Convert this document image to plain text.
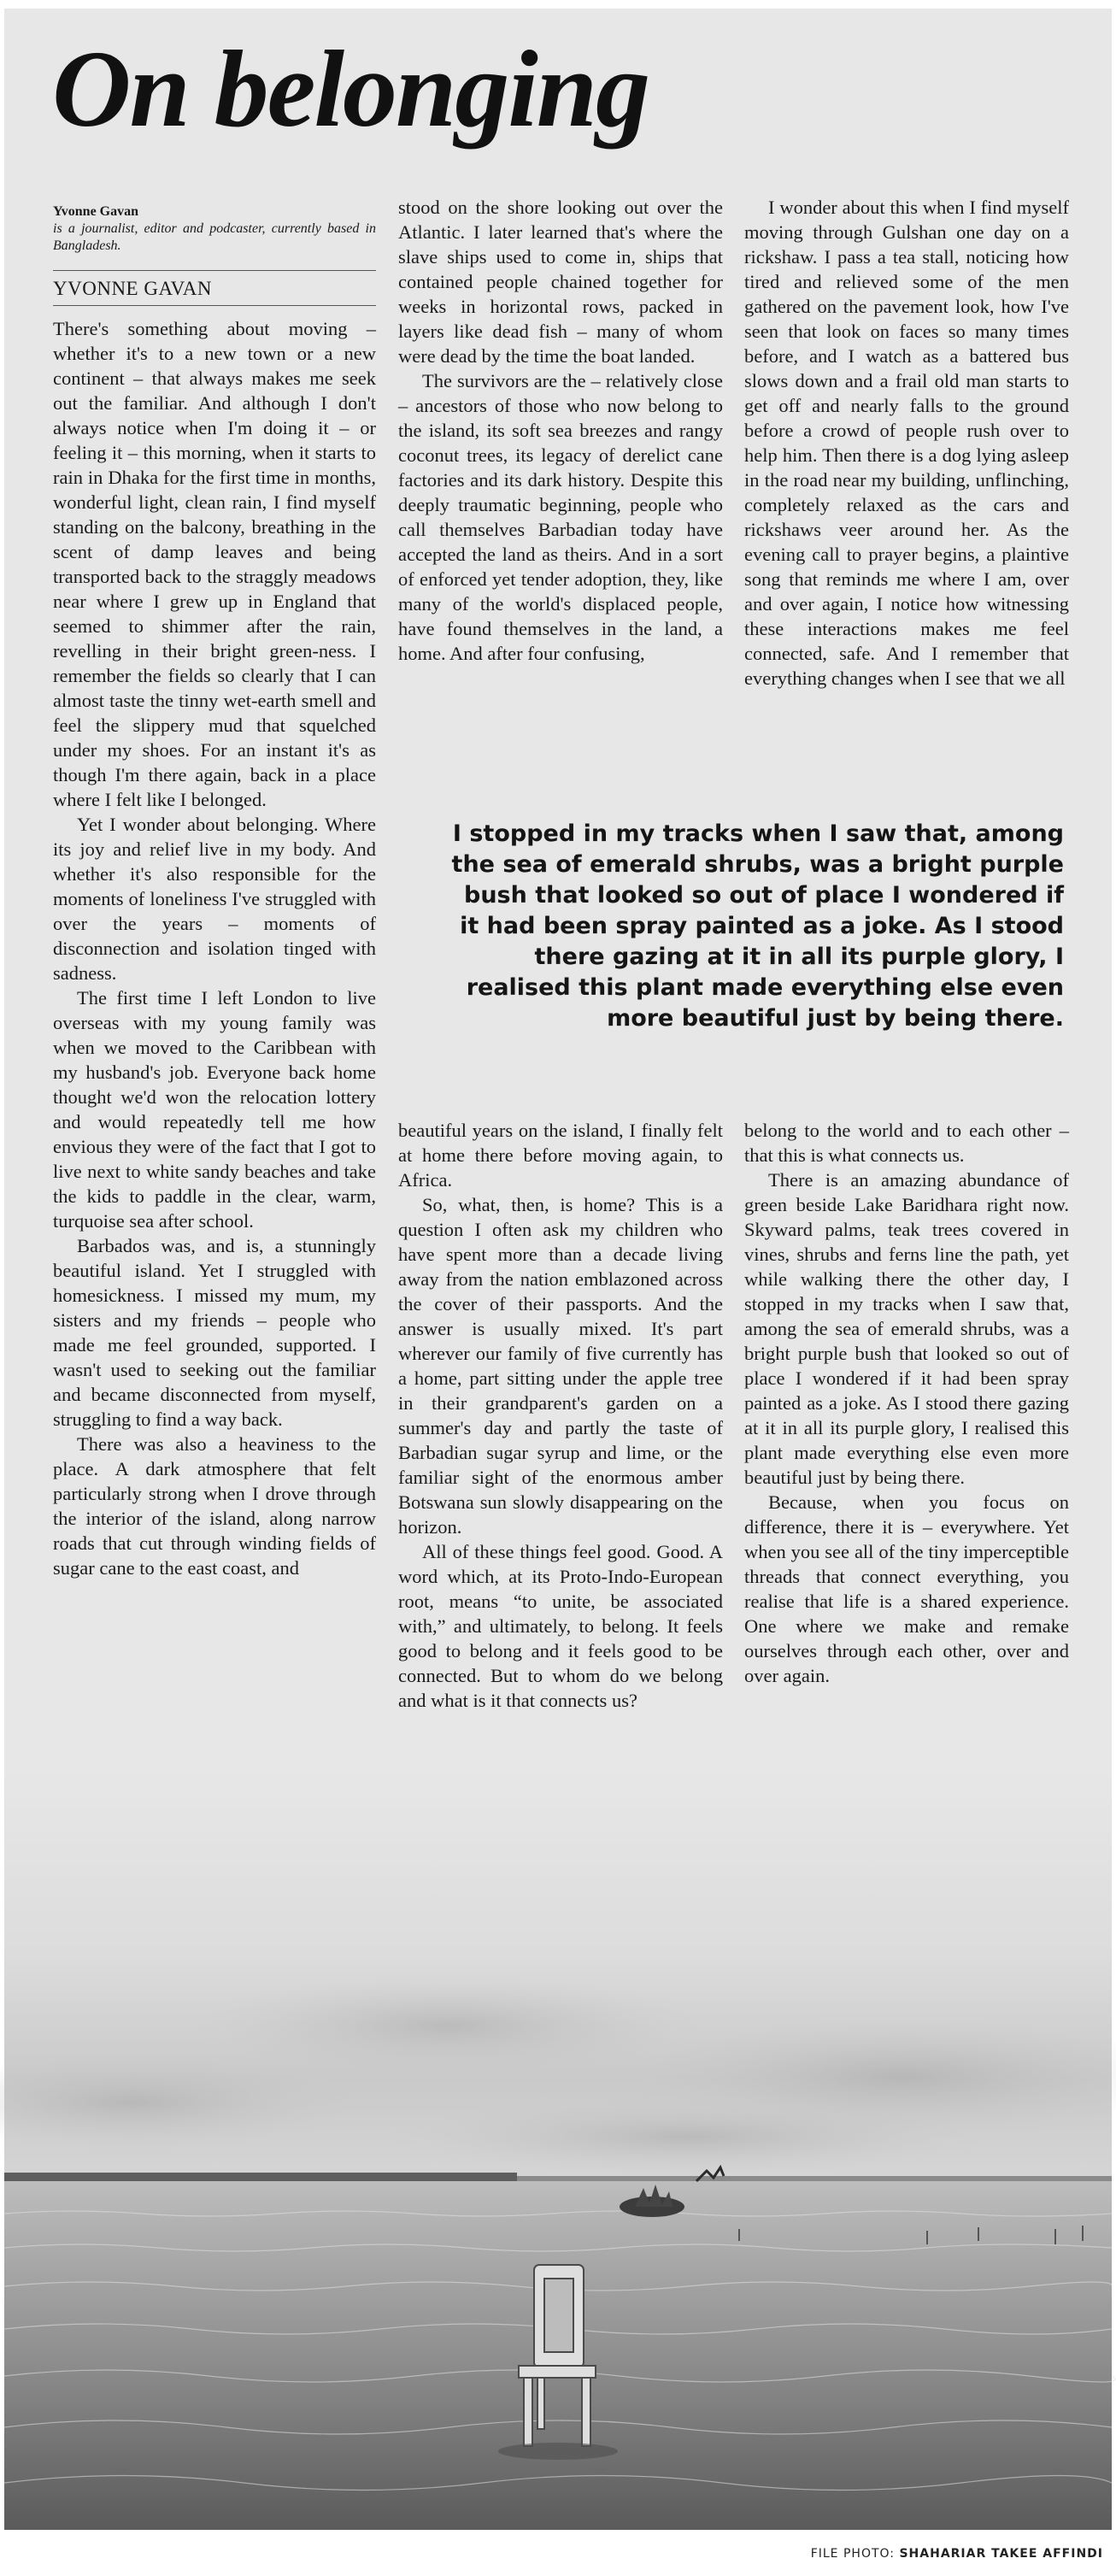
On belonging
Yvonne Gavan
is a journalist, editor and podcaster, currently based in Bangladesh.
YVONNE GAVAN

There's something about moving – whether it's to a new town or a new continent – that always makes me seek out the familiar. And although I don't always notice when I'm doing it – or feeling it – this morning, when it starts to rain in Dhaka for the first time in months, wonderful light, clean rain, I find myself standing on the balcony, breathing in the scent of damp leaves and being transported back to the straggly meadows near where I grew up in England that seemed to shimmer after the rain, revelling in their bright green-ness. I remember the fields so clearly that I can almost taste the tinny wet-earth smell and feel the slippery mud that squelched under my shoes. For an instant it's as though I'm there again, back in a place where I felt like I belonged.

Yet I wonder about belonging. Where its joy and relief live in my body. And whether it's also responsible for the moments of loneliness I've struggled with over the years – moments of disconnection and isolation tinged with sadness.

The first time I left London to live overseas with my young family was when we moved to the Caribbean with my husband's job. Everyone back home thought we'd won the relocation lottery and would repeatedly tell me how envious they were of the fact that I got to live next to white sandy beaches and take the kids to paddle in the clear, warm, turquoise sea after school.

Barbados was, and is, a stunningly beautiful island. Yet I struggled with homesickness. I missed my mum, my sisters and my friends – people who made me feel grounded, supported. I wasn't used to seeking out the familiar and became disconnected from myself, struggling to find a way back.

There was also a heaviness to the place. A dark atmosphere that felt particularly strong when I drove through the interior of the island, along narrow roads that cut through winding fields of sugar cane to the east coast, and

stood on the shore looking out over the Atlantic. I later learned that's where the slave ships used to come in, ships that contained people chained together for weeks in horizontal rows, packed in layers like dead fish – many of whom were dead by the time the boat landed.

The survivors are the – relatively close – ancestors of those who now belong to the island, its soft sea breezes and rangy coconut trees, its legacy of derelict cane factories and its dark history. Despite this deeply traumatic beginning, people who call themselves Barbadian today have accepted the land as theirs. And in a sort of enforced yet tender adoption, they, like many of the world's displaced people, have found themselves in the land, a home. And after four confusing,

I wonder about this when I find myself moving through Gulshan one day on a rickshaw. I pass a tea stall, noticing how tired and relieved some of the men gathered on the pavement look, how I've seen that look on faces so many times before, and I watch as a battered bus slows down and a frail old man starts to get off and nearly falls to the ground before a crowd of people rush over to help him. Then there is a dog lying asleep in the road near my building, unflinching, completely relaxed as the cars and rickshaws veer around her. As the evening call to prayer begins, a plaintive song that reminds me where I am, over and over again, I notice how witnessing these interactions makes me feel connected, safe. And I remember that everything changes when I see that we all

I stopped in my tracks when I saw that, among the sea of emerald shrubs, was a bright purple bush that looked so out of place I wondered if it had been spray painted as a joke. As I stood there gazing at it in all its purple glory, I realised this plant made everything else even more beautiful just by being there.

beautiful years on the island, I finally felt at home there before moving again, to Africa.

So, what, then, is home? This is a question I often ask my children who have spent more than a decade living away from the nation emblazoned across the cover of their passports. And the answer is usually mixed. It's part wherever our family of five currently has a home, part sitting under the apple tree in their grandparent's garden on a summer's day and partly the taste of Barbadian sugar syrup and lime, or the familiar sight of the enormous amber Botswana sun slowly disappearing on the horizon.

All of these things feel good. Good. A word which, at its Proto-Indo-European root, means “to unite, be associated with,” and ultimately, to belong. It feels good to belong and it feels good to be connected. But to whom do we belong and what is it that connects us?

belong to the world and to each other – that this is what connects us.

There is an amazing abundance of green beside Lake Baridhara right now. Skyward palms, teak trees covered in vines, shrubs and ferns line the path, yet while walking there the other day, I stopped in my tracks when I saw that, among the sea of emerald shrubs, was a bright purple bush that looked so out of place I wondered if it had been spray painted as a joke. As I stood there gazing at it in all its purple glory, I realised this plant made everything else even more beautiful just by being there.

Because, when you focus on difference, there it is – everywhere. Yet when you see all of the tiny imperceptible threads that connect everything, you realise that life is a shared experience. One where we make and remake ourselves through each other, over and over again.

FILE PHOTO: SHAHARIAR TAKEE AFFINDI
